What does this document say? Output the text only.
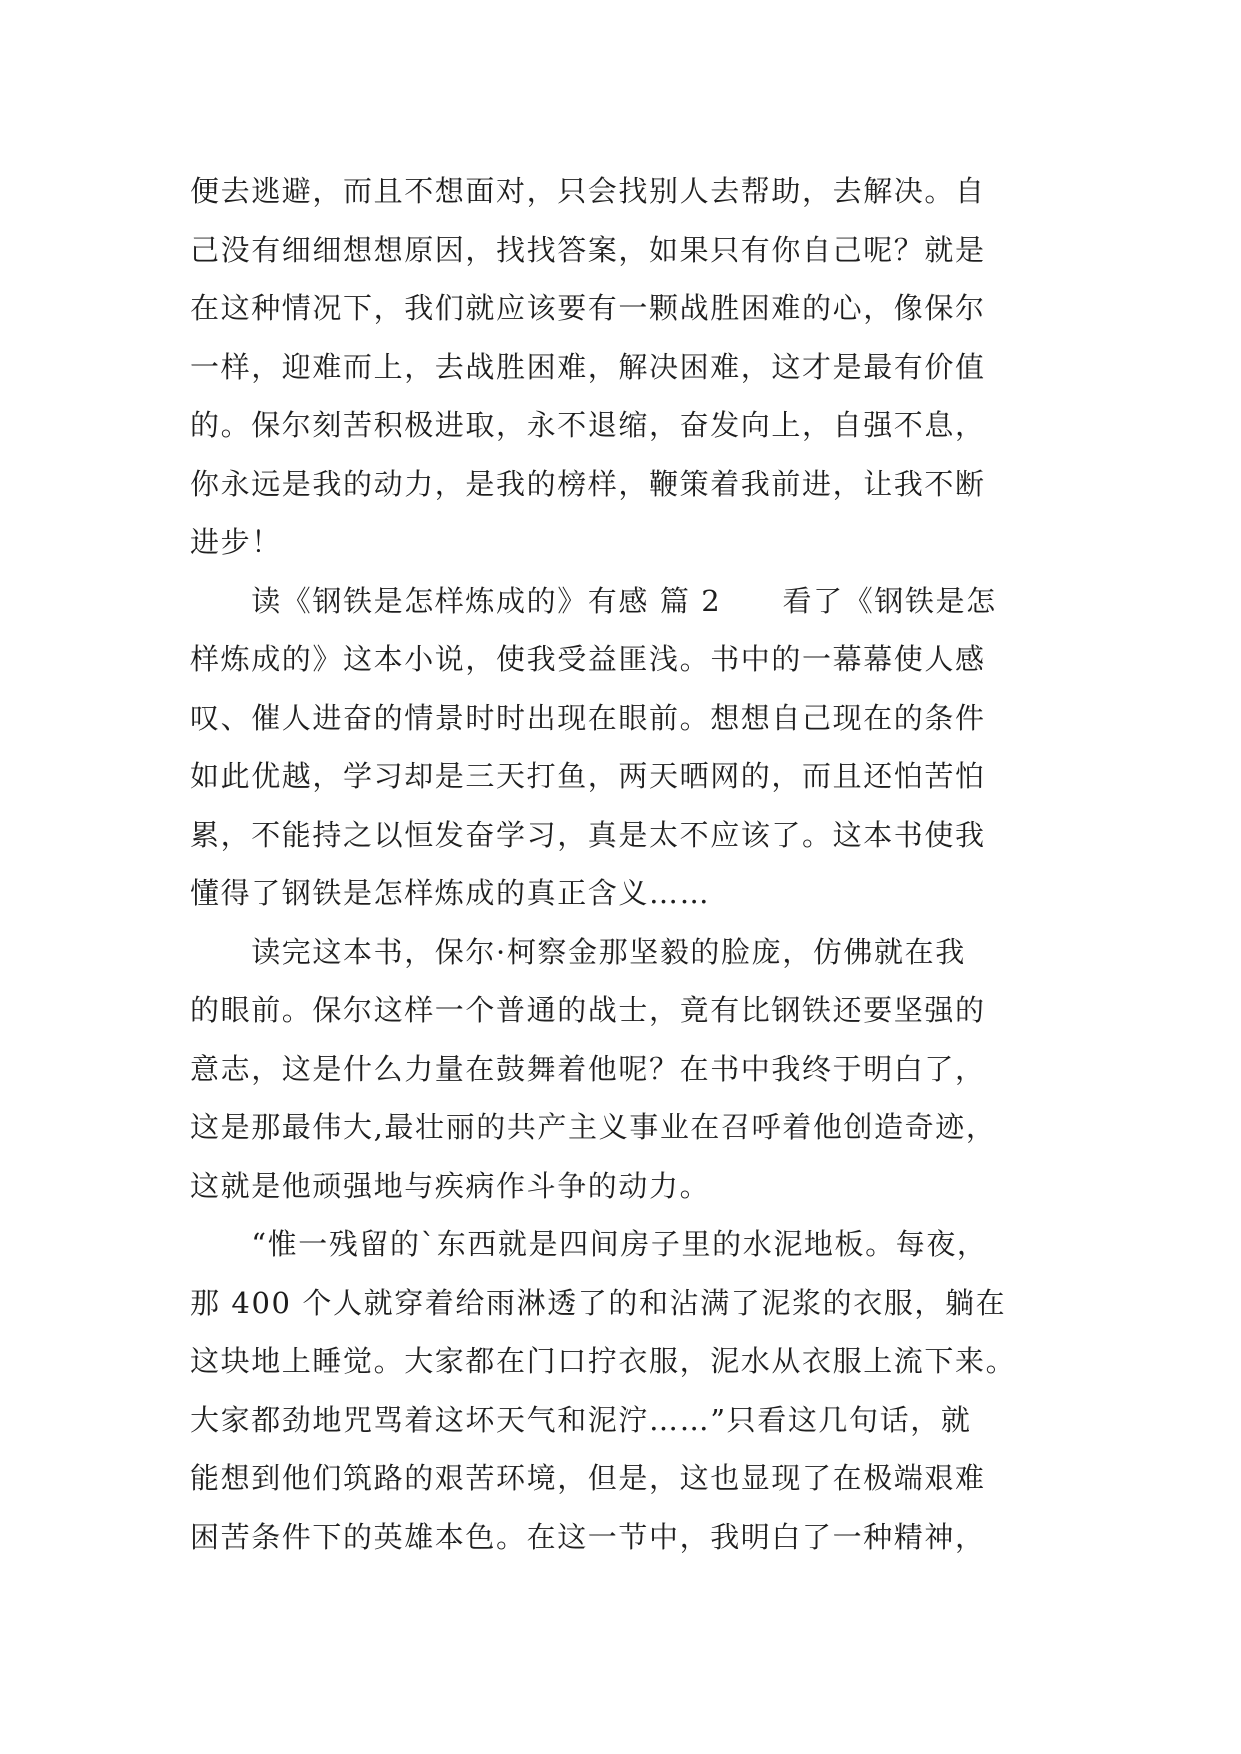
便去逃避，而且不想面对，只会找别人去帮助，去解决。自
己没有细细想想原因，找找答案，如果只有你自己呢？就是
在这种情况下，我们就应该要有一颗战胜困难的心，像保尔
一样，迎难而上，去战胜困难，解决困难，这才是最有价值
的。保尔刻苦积极进取，永不退缩，奋发向上，自强不息，
你永远是我的动力，是我的榜样，鞭策着我前进，让我不断
进步！
　　读《钢铁是怎样炼成的》有感 篇 2　　看了《钢铁是怎
样炼成的》这本小说，使我受益匪浅。书中的一幕幕使人感
叹、催人进奋的情景时时出现在眼前。想想自己现在的条件
如此优越，学习却是三天打鱼，两天晒网的，而且还怕苦怕
累，不能持之以恒发奋学习，真是太不应该了。这本书使我
懂得了钢铁是怎样炼成的真正含义……
　　读完这本书，保尔·柯察金那坚毅的脸庞，仿佛就在我
的眼前。保尔这样一个普通的战士，竟有比钢铁还要坚强的
意志，这是什么力量在鼓舞着他呢？在书中我终于明白了，
这是那最伟大,最壮丽的共产主义事业在召呼着他创造奇迹，
这就是他顽强地与疾病作斗争的动力。
　　“惟一残留的`东西就是四间房子里的水泥地板。每夜，
那 400 个人就穿着给雨淋透了的和沾满了泥浆的衣服，躺在
这块地上睡觉。大家都在门口拧衣服，泥水从衣服上流下来。
大家都劲地咒骂着这坏天气和泥泞……”只看这几句话，就
能想到他们筑路的艰苦环境，但是，这也显现了在极端艰难
困苦条件下的英雄本色。在这一节中，我明白了一种精神，
